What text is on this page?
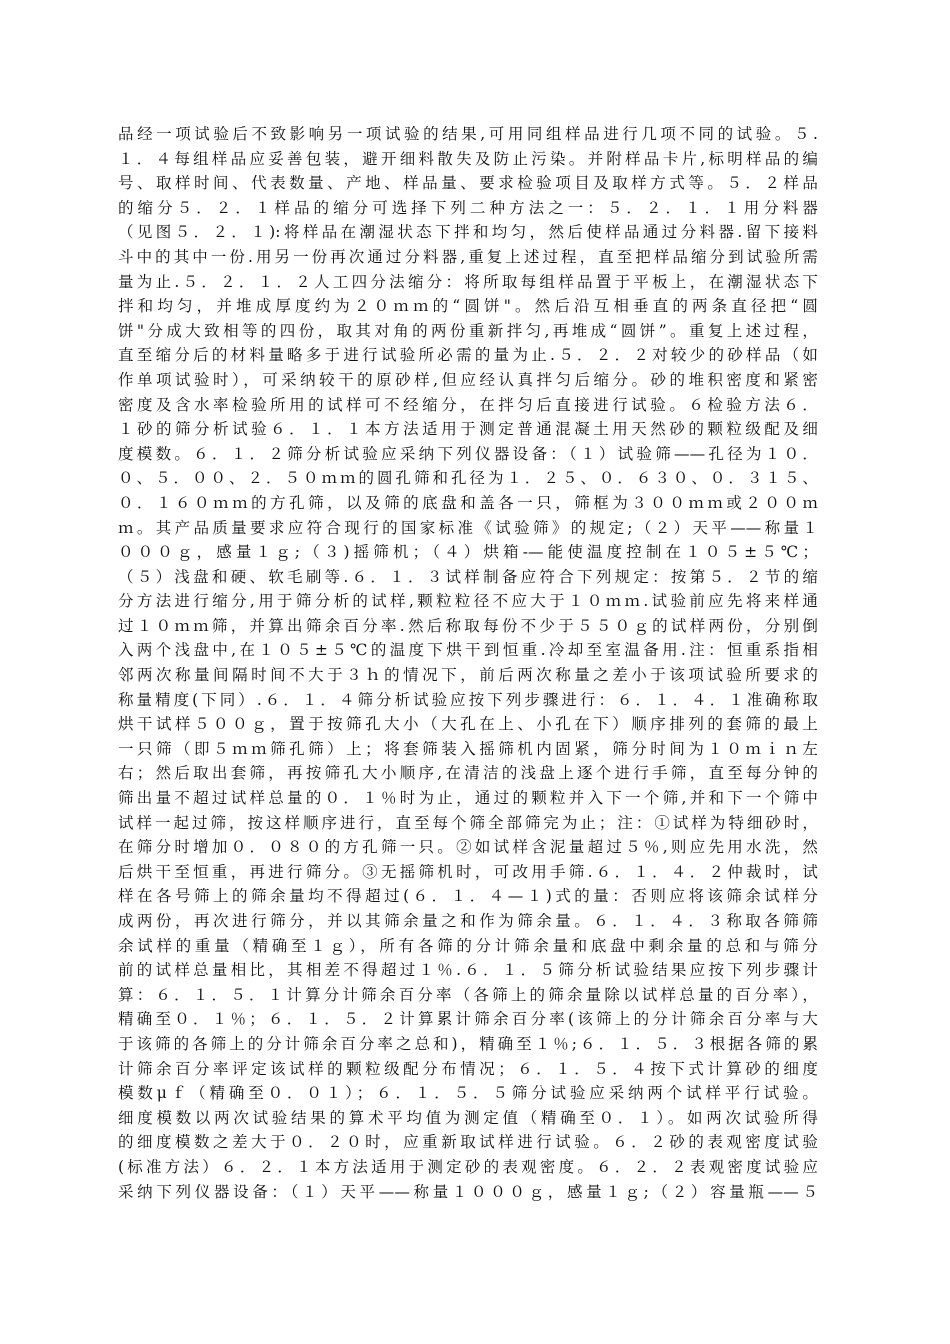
品经一项试验后不致影响另一项试验的结果,可用同组样品进行几项不同的试验。５.
１．４每组样品应妥善包装，避开细料散失及防止污染。并附样品卡片,标明样品的编
号、取样时间、代表数量、产地、样品量、要求检验项目及取样方式等。５．２样品
的缩分５．２．１样品的缩分可选择下列二种方法之一：５．２．１．１用分料器
（见图５．２．１):将样品在潮湿状态下拌和均匀，然后使样品通过分料器.留下接料
斗中的其中一份.用另一份再次通过分料器,重复上述过程，直至把样品缩分到试验所需
量为止.５．２．１．２人工四分法缩分：将所取每组样品置于平板上，在潮湿状态下
拌和均匀，并堆成厚度约为２０ｍｍ的“圆饼"。然后沿互相垂直的两条直径把“圆
饼"分成大致相等的四份，取其对角的两份重新拌匀,再堆成“圆饼”。重复上述过程，
直至缩分后的材料量略多于进行试验所必需的量为止.５．２．２对较少的砂样品（如
作单项试验时），可采纳较干的原砂样,但应经认真拌匀后缩分。砂的堆积密度和紧密
密度及含水率检验所用的试样可不经缩分，在拌匀后直接进行试验。６检验方法６．
１砂的筛分析试验６．１．１本方法适用于测定普通混凝土用天然砂的颗粒级配及细
度模数。６．１．２筛分析试验应采纳下列仪器设备：（１）试验筛——孔径为１０．
０、５．００、２．５０ｍｍ的圆孔筛和孔径为１．２５、０．６３０、０．３１５、
０．１６０ｍｍ的方孔筛，以及筛的底盘和盖各一只，筛框为３００ｍｍ或２００ｍ
ｍ。其产品质量要求应符合现行的国家标准《试验筛》的规定;（２）天平——称量１
０００ｇ，感量１ｇ;（３)摇筛机；（４）烘箱-—能使温度控制在１０５±５℃；
（５）浅盘和硬、软毛刷等.６．１．３试样制备应符合下列规定：按第５．２节的缩
分方法进行缩分,用于筛分析的试样,颗粒粒径不应大于１０ｍｍ.试验前应先将来样通
过１０ｍｍ筛，并算出筛余百分率.然后称取每份不少于５５０ｇ的试样两份，分别倒
入两个浅盘中,在１０５±５℃的温度下烘干到恒重.冷却至室温备用.注：恒重系指相
邻两次称量间隔时间不大于３ｈ的情况下，前后两次称量之差小于该项试验所要求的
称量精度(下同）.６．１．４筛分析试验应按下列步骤进行：６．１．４．１准确称取
烘干试样５００ｇ，置于按筛孔大小（大孔在上、小孔在下）顺序排列的套筛的最上
一只筛（即５ｍｍ筛孔筛）上；将套筛装入摇筛机内固紧，筛分时间为１０ｍｉｎ左
右；然后取出套筛，再按筛孔大小顺序,在清洁的浅盘上逐个进行手筛，直至每分钟的
筛出量不超过试样总量的０．１％时为止，通过的颗粒并入下一个筛,并和下一个筛中
试样一起过筛，按这样顺序进行，直至每个筛全部筛完为止；注：①试样为特细砂时，
在筛分时增加０．０８０的方孔筛一只。②如试样含泥量超过５％,则应先用水洗，然
后烘干至恒重，再进行筛分。③无摇筛机时，可改用手筛.６．１．４．２仲裁时，试
样在各号筛上的筛余量均不得超过(６．１．４—１)式的量：否则应将该筛余试样分
成两份，再次进行筛分，并以其筛余量之和作为筛余量。６．１．４．３称取各筛筛
余试样的重量（精确至１ｇ），所有各筛的分计筛余量和底盘中剩余量的总和与筛分
前的试样总量相比，其相差不得超过１％.６．１．５筛分析试验结果应按下列步骤计
算：６．１．５．１计算分计筛余百分率（各筛上的筛余量除以试样总量的百分率），
精确至０．１％；６．１．５．２计算累计筛余百分率(该筛上的分计筛余百分率与大
于该筛的各筛上的分计筛余百分率之总和)，精确至１％;６．１．５．３根据各筛的累
计筛余百分率评定该试样的颗粒级配分布情况；６．１．５．４按下式计算砂的细度
模数μｆ（精确至０．０１）；６．１．５．５筛分试验应采纳两个试样平行试验。
细度模数以两次试验结果的算术平均值为测定值（精确至０．１）。如两次试验所得
的细度模数之差大于０．２０时，应重新取试样进行试验。６．２砂的表观密度试验
(标准方法）６．２．１本方法适用于测定砂的表观密度。６．２．２表观密度试验应
采纳下列仪器设备：（１）天平——称量１０００ｇ，感量１ｇ;（２）容量瓶——５
